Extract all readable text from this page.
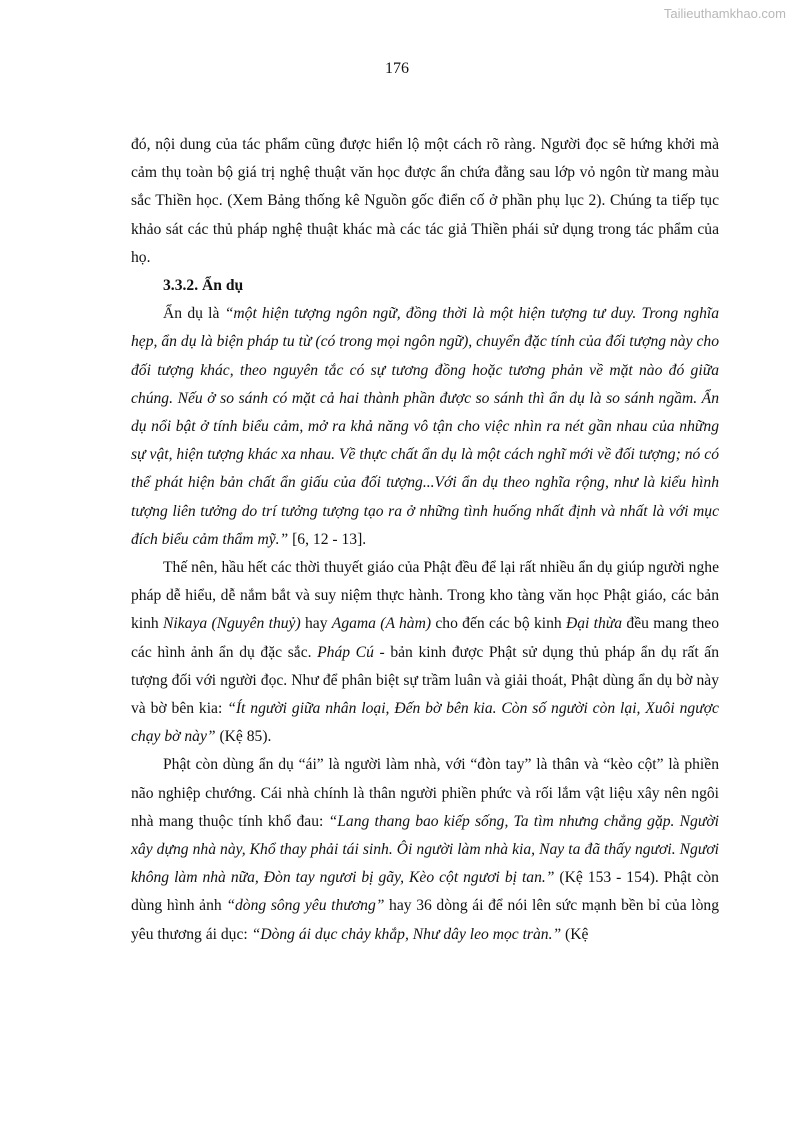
Tailieuthamkhao.com
176

đó, nội dung của tác phẩm cũng được hiển lộ một cách rõ ràng. Người đọc sẽ hứng khởi mà cảm thụ toàn bộ giá trị nghệ thuật văn học được ẩn chứa đằng sau lớp vỏ ngôn từ mang màu sắc Thiền học. (Xem Bảng thống kê Nguồn gốc điển cố ở phần phụ lục 2). Chúng ta tiếp tục khảo sát các thủ pháp nghệ thuật khác mà các tác giả Thiền phái sử dụng trong tác phẩm của họ.

3.3.2. Ẩn dụ

Ẩn dụ là “một hiện tượng ngôn ngữ, đồng thời là một hiện tượng tư duy. Trong nghĩa hẹp, ẩn dụ là biện pháp tu từ (có trong mọi ngôn ngữ), chuyển đặc tính của đối tượng này cho đối tượng khác, theo nguyên tắc có sự tương đồng hoặc tương phản về mặt nào đó giữa chúng. Nếu ở so sánh có mặt cả hai thành phần được so sánh thì ẩn dụ là so sánh ngầm. Ẩn dụ nổi bật ở tính biểu cảm, mở ra khả năng vô tận cho việc nhìn ra nét gần nhau của những sự vật, hiện tượng khác xa nhau. Về thực chất ẩn dụ là một cách nghĩ mới về đối tượng; nó có thể phát hiện bản chất ẩn giấu của đối tượng...Với ẩn dụ theo nghĩa rộng, như là kiểu hình tượng liên tưởng do trí tưởng tượng tạo ra ở những tình huống nhất định và nhất là với mục đích biểu cảm thẩm mỹ.” [6, 12 - 13].

Thế nên, hầu hết các thời thuyết giáo của Phật đều để lại rất nhiều ẩn dụ giúp người nghe pháp dễ hiểu, dễ nắm bắt và suy niệm thực hành. Trong kho tàng văn học Phật giáo, các bản kinh Nikaya (Nguyên thuỷ) hay Agama (A hàm) cho đến các bộ kinh Đại thừa đều mang theo các hình ảnh ẩn dụ đặc sắc. Pháp Cú - bản kinh được Phật sử dụng thủ pháp ẩn dụ rất ấn tượng đối với người đọc. Như để phân biệt sự trầm luân và giải thoát, Phật dùng ẩn dụ bờ này và bờ bên kia: “Ít người giữa nhân loại, Đến bờ bên kia. Còn số người còn lại, Xuôi ngược chạy bờ này” (Kệ 85).

Phật còn dùng ẩn dụ “ái” là người làm nhà, với “đòn tay” là thân và “kèo cột” là phiền não nghiệp chướng. Cái nhà chính là thân người phiền phức và rối lắm vật liệu xây nên ngôi nhà mang thuộc tính khổ đau: “Lang thang bao kiếp sống, Ta tìm nhưng chẳng gặp. Người xây dựng nhà này, Khổ thay phải tái sinh. Ôi người làm nhà kia, Nay ta đã thấy ngươi. Ngươi không làm nhà nữa, Đòn tay ngươi bị gãy, Kèo cột ngươi bị tan.” (Kệ 153 - 154). Phật còn dùng hình ảnh “dòng sông yêu thương” hay 36 dòng ái để nói lên sức mạnh bền bỉ của lòng yêu thương ái dục: “Dòng ái dục chảy khắp, Như dây leo mọc tràn.” (Kệ
